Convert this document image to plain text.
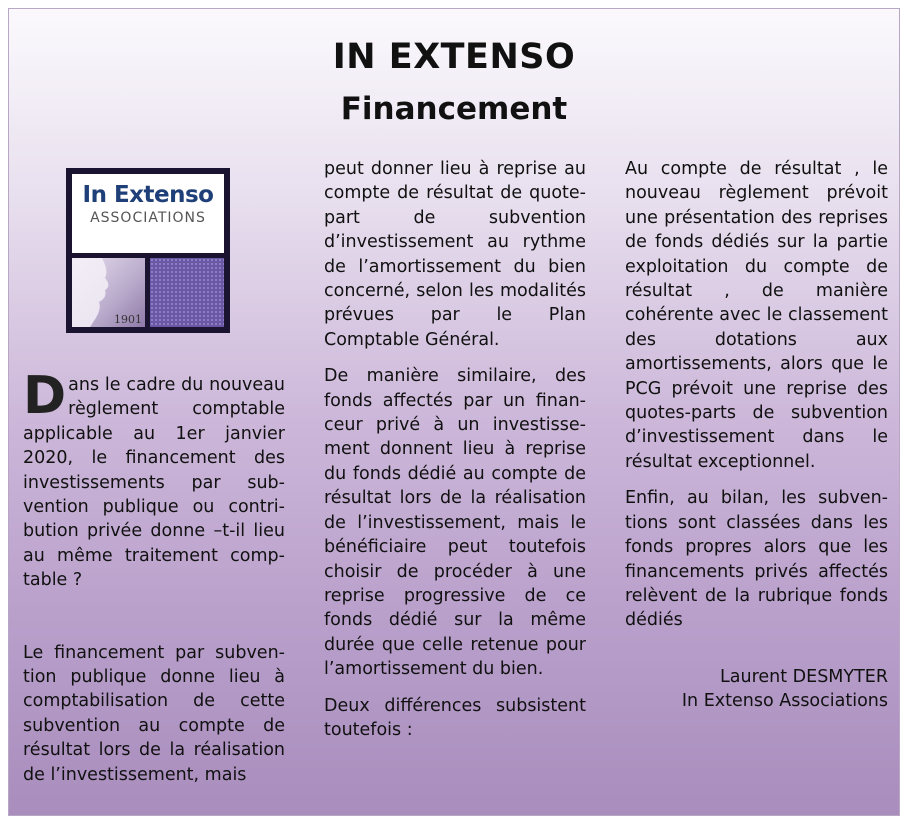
IN EXTENSO
Financement
In Extenso
ASSOCIATIONS
1901

Dans le cadre du nouveau règlement comptable applicable au 1er janvier 2020, le financement des investissements par subvention publique ou contribution privée donne –t-il lieu au même traitement comptable ?

Le financement par subvention publique donne lieu à comptabilisation de cette subvention au compte de résultat lors de la réalisation de l’investissement, mais

peut donner lieu à reprise au compte de résultat de quote-part de subvention d’investissement au rythme de l’amortissement du bien concerné, selon les modalités prévues par le Plan Comptable Général.

De manière similaire, des fonds affectés par un financeur privé à un investissement donnent lieu à reprise du fonds dédié au compte de résultat lors de la réalisation de l’investissement, mais le bénéficiaire peut toutefois choisir de procéder à une reprise progressive de ce fonds dédié sur la même durée que celle retenue pour l’amortissement du bien.

Deux différences subsistent toutefois :

Au compte de résultat , le nouveau règlement prévoit une présentation des reprises de fonds dédiés sur la partie exploitation du compte de résultat , de manière cohérente avec le classement des dotations aux amortissements, alors que le PCG prévoit une reprise des quotes-parts de subvention d’investissement dans le résultat exceptionnel.

Enfin, au bilan, les subventions sont classées dans les fonds propres alors que les financements privés affectés relèvent de la rubrique fonds dédiés

Laurent DESMYTER

In Extenso Associations
